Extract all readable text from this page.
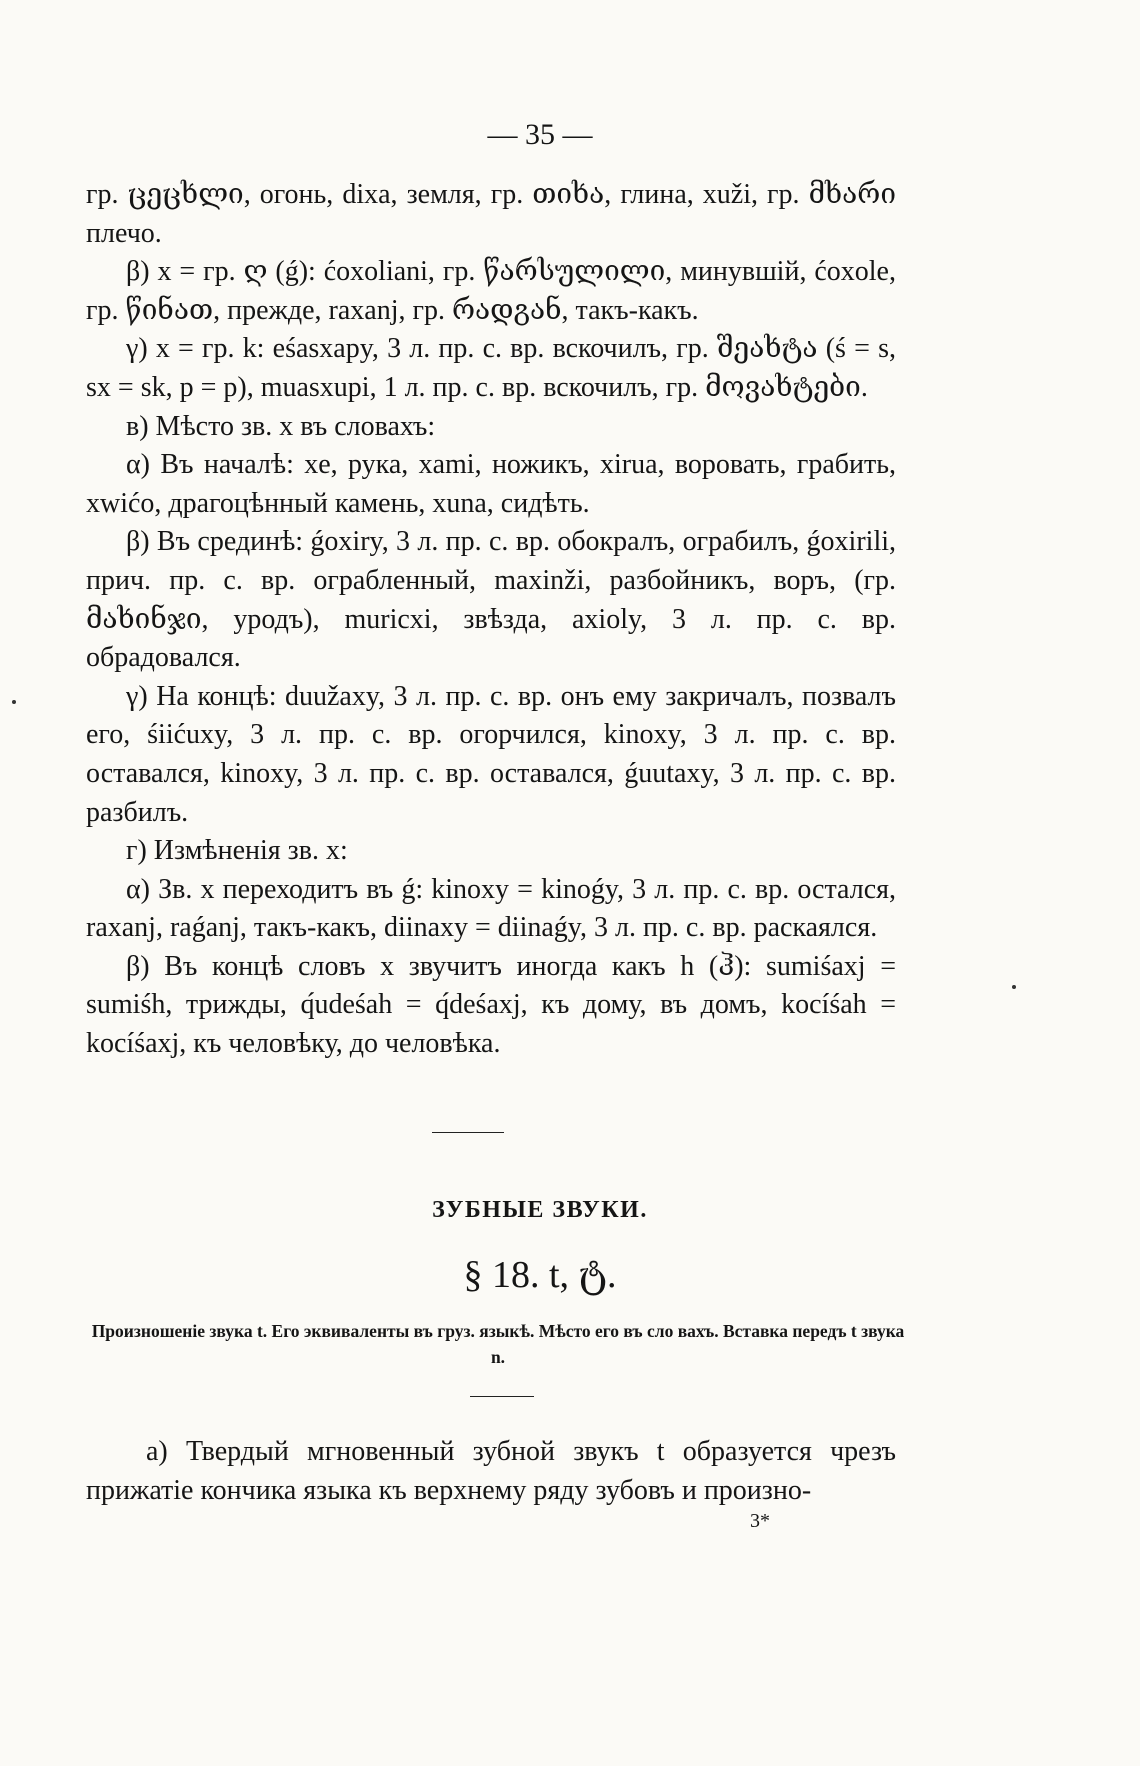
— 35 —

гр. ცეცხლი, огонь, dixa, земля, гр. თიხა, глина, xuži, гр. მხარი плечо.

β) x = гр. ღ (ǵ): ćoxoliani, гр. წარსულილი, минувшій, ćoxole, гр. წინათ, прежде, raxanj, гр. რადგან, такъ-какъ.

γ) x = гр. k: eśasxapy, 3 л. пр. с. вр. вскочилъ, гр. შეახტა (ś = s, sx = sk, p = p), muasxupi, 1 л. пр. с. вр. вскочилъ, гр. მოვახტები.

в) Мѣсто зв. x въ словахъ:

α) Въ началѣ: xe, рука, xami, ножикъ, xirua, воровать, грабить, xwićo, драгоцѣнный камень, xuna, сидѣть.

β) Въ срединѣ: ǵoxiry, 3 л. пр. с. вр. обокралъ, ограбилъ, ǵoxirili, прич. пр. с. вр. ограбленный, maxinži, разбойникъ, воръ, (гр. მახინჯი, уродъ), muricxi, звѣзда, axioly, 3 л. пр. с. вр. обрадовался.

γ) На концѣ: duužaxy, 3 л. пр. с. вр. онъ ему закричалъ, позвалъ его, śiićuxy, 3 л. пр. с. вр. огорчился, kinoxy, 3 л. пр. с. вр. оставался, kinoxy, 3 л. пр. с. вр. оставался, ǵuutaxy, 3 л. пр. с. вр. разбилъ.

г) Измѣненія зв. x:

α) Зв. x переходитъ въ ǵ: kinoxy = kinoǵy, 3 л. пр. с. вр. остался, raxanj, raǵanj, такъ-какъ, diinaxy = diinaǵy, 3 л. пр. с. вр. раскаялся.

β) Въ концѣ словъ x звучитъ иногда какъ h (ჰ): sumiśaxj = sumiśh, трижды, q́udeśah = q́deśaxj, къ дому, въ домъ, kocíśah = kocíśaxj, къ человѣку, до человѣка.

ЗУБНЫЕ ЗВУКИ.
§ 18. t, ტ.
Произношеніе звука t. Его эквиваленты въ груз. языкѣ. Мѣсто его въ сло вахъ. Вставка передъ t звука n.

а) Твердый мгновенный зубной звукъ t образуется чрезъ прижатіе кончика языка къ верхнему ряду зубовъ и произно-

3*
